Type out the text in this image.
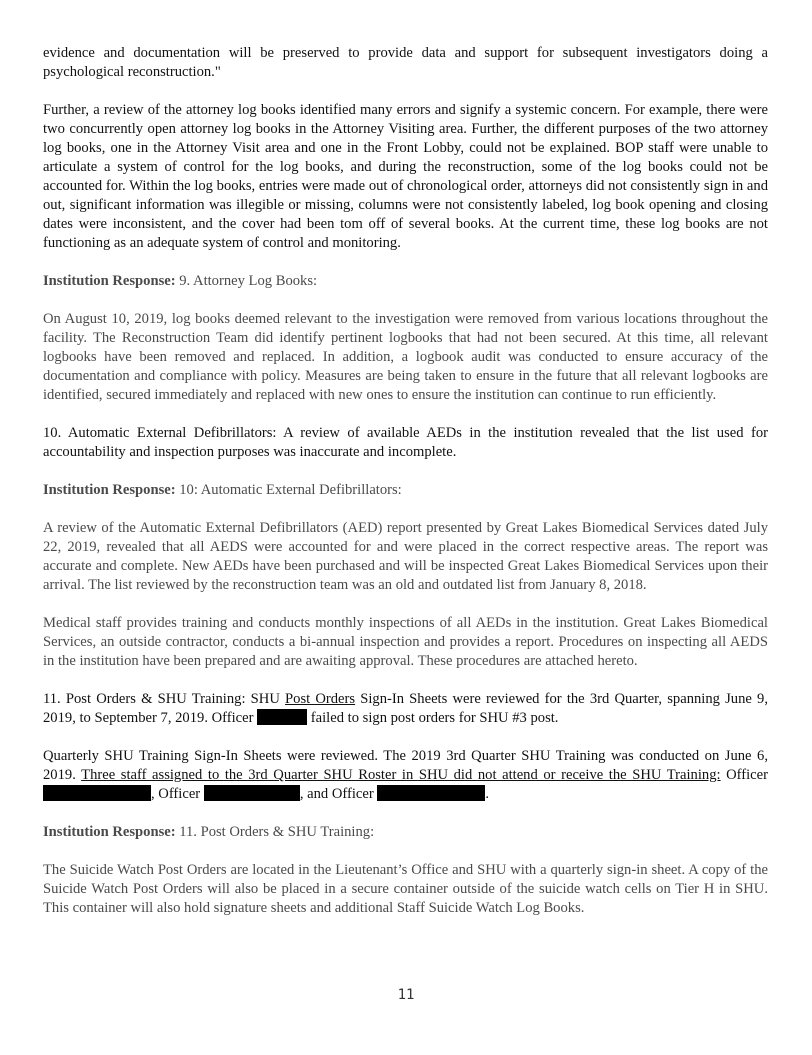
evidence and documentation will be preserved to provide data and support for subsequent investigators doing a psychological reconstruction."

Further, a review of the attorney log books identified many errors and signify a systemic concern. For example, there were two concurrently open attorney log books in the Attorney Visiting area. Further, the different purposes of the two attorney log books, one in the Attorney Visit area and one in the Front Lobby, could not be explained. BOP staff were unable to articulate a system of control for the log books, and during the reconstruction, some of the log books could not be accounted for. Within the log books, entries were made out of chronological order, attorneys did not consistently sign in and out, significant information was illegible or missing, columns were not consistently labeled, log book opening and closing dates were inconsistent, and the cover had been tom off of several books. At the current time, these log books are not functioning as an adequate system of control and monitoring.

Institution Response: 9. Attorney Log Books:

On August 10, 2019, log books deemed relevant to the investigation were removed from various locations throughout the facility. The Reconstruction Team did identify pertinent logbooks that had not been secured. At this time, all relevant logbooks have been removed and replaced. In addition, a logbook audit was conducted to ensure accuracy of the documentation and compliance with policy. Measures are being taken to ensure in the future that all relevant logbooks are identified, secured immediately and replaced with new ones to ensure the institution can continue to run efficiently.

10. Automatic External Defibrillators: A review of available AEDs in the institution revealed that the list used for accountability and inspection purposes was inaccurate and incomplete.

Institution Response: 10: Automatic External Defibrillators:

A review of the Automatic External Defibrillators (AED) report presented by Great Lakes Biomedical Services dated July 22, 2019, revealed that all AEDS were accounted for and were placed in the correct respective areas. The report was accurate and complete. New AEDs have been purchased and will be inspected Great Lakes Biomedical Services upon their arrival. The list reviewed by the reconstruction team was an old and outdated list from January 8, 2018.

Medical staff provides training and conducts monthly inspections of all AEDs in the institution. Great Lakes Biomedical Services, an outside contractor, conducts a bi-annual inspection and provides a report. Procedures on inspecting all AEDS in the institution have been prepared and are awaiting approval. These procedures are attached hereto.

11. Post Orders & SHU Training: SHU Post Orders Sign-In Sheets were reviewed for the 3rd Quarter, spanning June 9, 2019, to September 7, 2019. Officer	failed to sign post orders for SHU #3 post.

Quarterly SHU Training Sign-In Sheets were reviewed. The 2019 3rd Quarter SHU Training was conducted on June 6, 2019. Three staff assigned to the 3rd Quarter SHU Roster in SHU did not attend or receive the SHU Training: Officer , Officer	, and Officer	.

Institution Response: 11. Post Orders & SHU Training:

The Suicide Watch Post Orders are located in the Lieutenant’s Office and SHU with a quarterly sign-in sheet. A copy of the Suicide Watch Post Orders will also be placed in a secure container outside of the suicide watch cells on Tier H in SHU. This container will also hold signature sheets and additional Staff Suicide Watch Log Books.

11
